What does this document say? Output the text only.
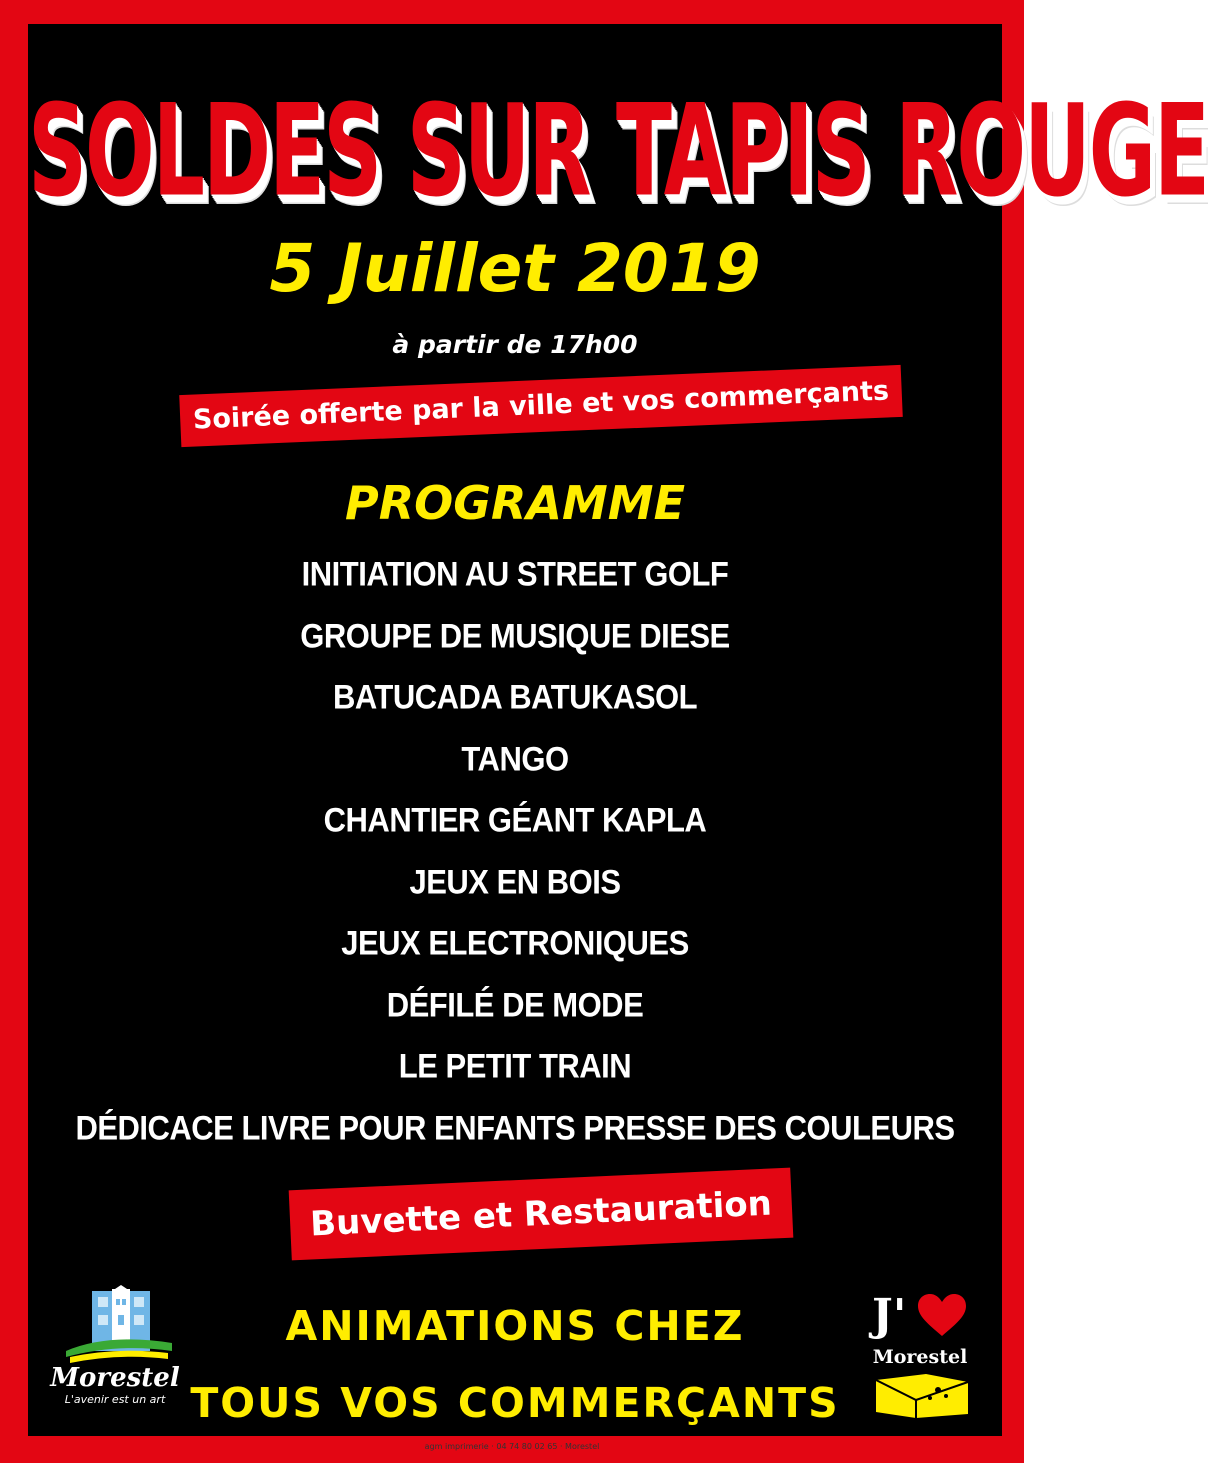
SOLDES SUR TAPIS ROUGE
5 Juillet 2019
à partir de 17h00
Soirée offerte par la ville et vos commerçants
PROGRAMME
INITIATION AU STREET GOLF
GROUPE DE MUSIQUE DIESE
BATUCADA BATUKASOL
TANGO
CHANTIER GÉANT KAPLA
JEUX EN BOIS
JEUX ELECTRONIQUES
DÉFILÉ DE MODE
LE PETIT TRAIN
DÉDICACE LIVRE POUR ENFANTS PRESSE DES COULEURS
Buvette et Restauration
ANIMATIONS CHEZ
TOUS VOS COMMERÇANTS
Morestel
L'avenir est un art
J'
Morestel
agm imprimerie · 04 74 80 02 65 · Morestel
